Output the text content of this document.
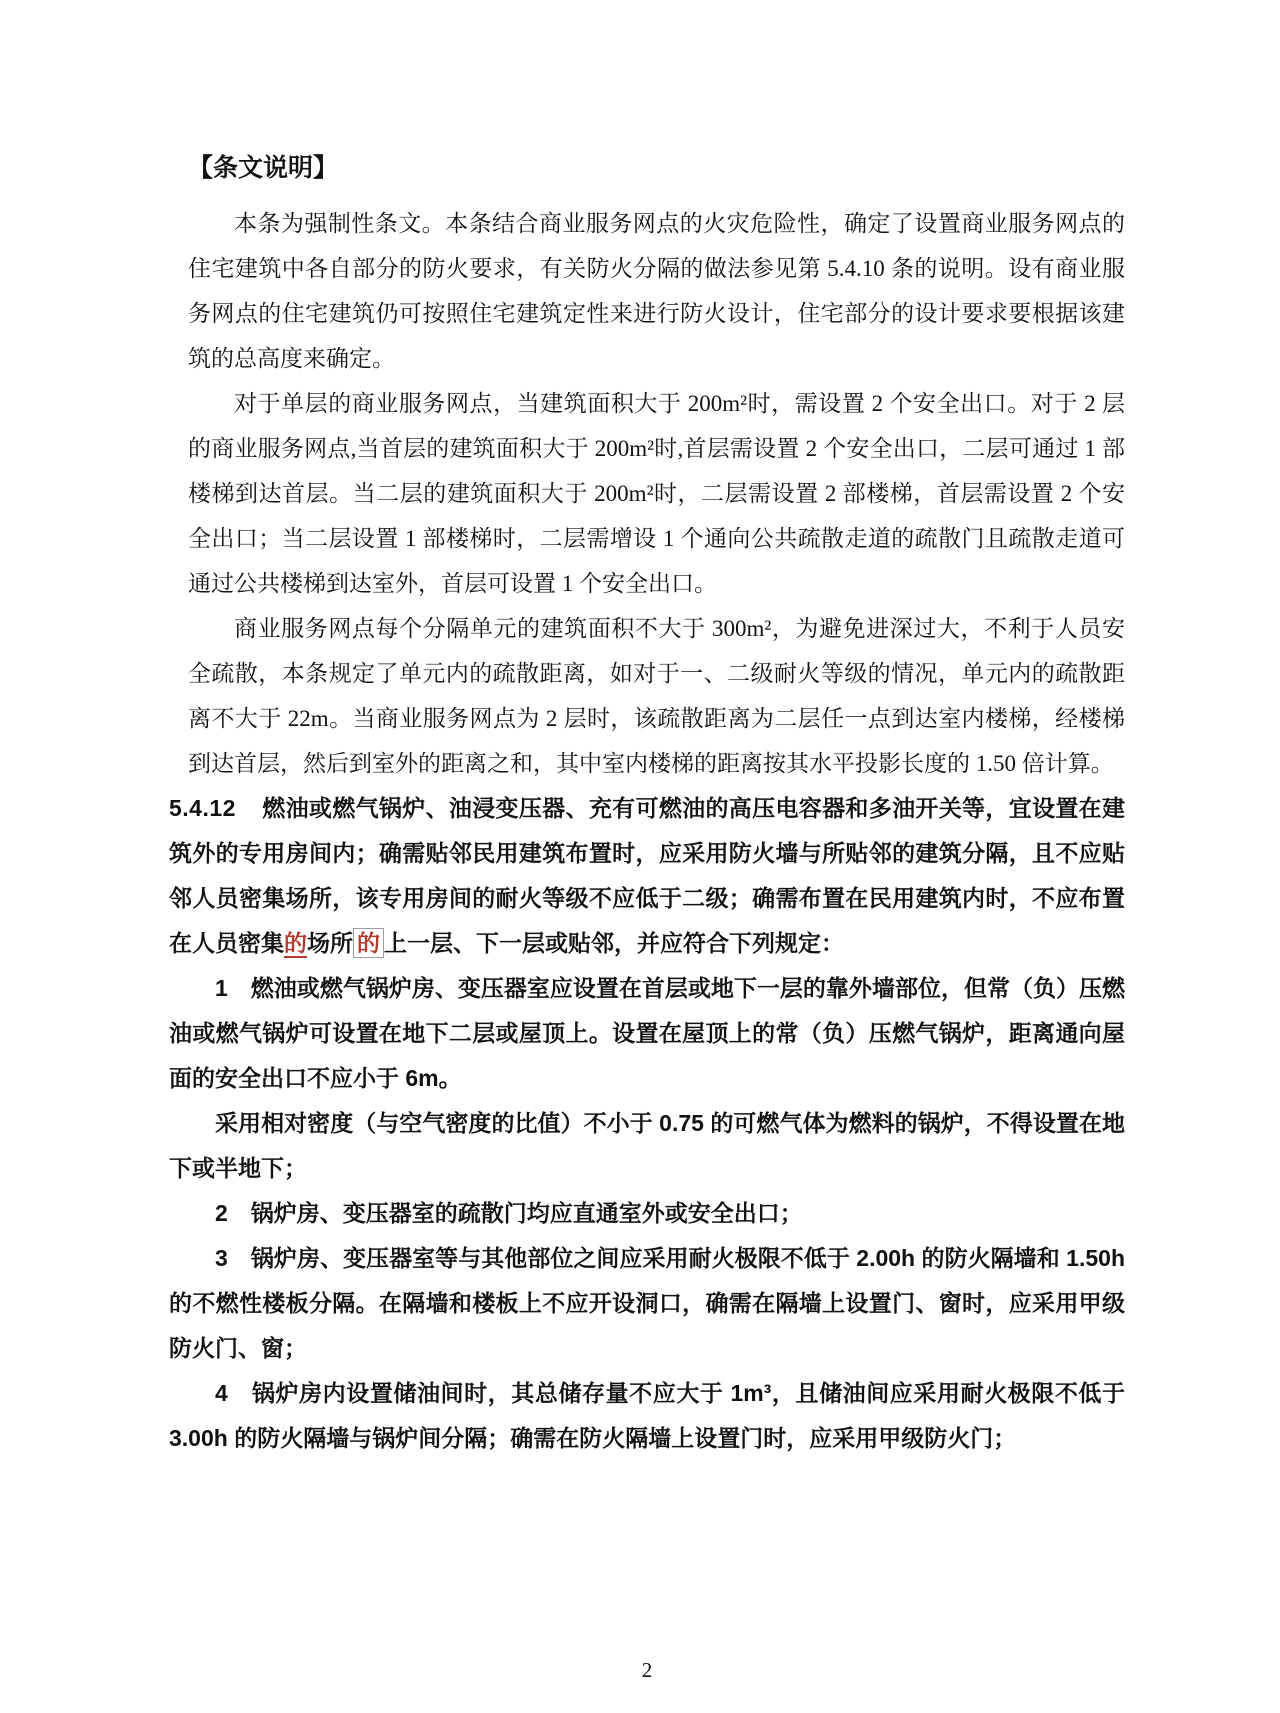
【条文说明】

本条为强制性条文。本条结合商业服务网点的火灾危险性，确定了设置商业服务网点的住宅建筑中各自部分的防火要求，有关防火分隔的做法参见第 5.4.10 条的说明。设有商业服务网点的住宅建筑仍可按照住宅建筑定性来进行防火设计，住宅部分的设计要求要根据该建筑的总高度来确定。

对于单层的商业服务网点，当建筑面积大于 200m²时，需设置 2 个安全出口。对于 2 层的商业服务网点,当首层的建筑面积大于 200m²时,首层需设置 2 个安全出口，二层可通过 1 部楼梯到达首层。当二层的建筑面积大于 200m²时，二层需设置 2 部楼梯，首层需设置 2 个安全出口；当二层设置 1 部楼梯时，二层需增设 1 个通向公共疏散走道的疏散门且疏散走道可通过公共楼梯到达室外，首层可设置 1 个安全出口。

商业服务网点每个分隔单元的建筑面积不大于 300m²，为避免进深过大，不利于人员安全疏散，本条规定了单元内的疏散距离，如对于一、二级耐火等级的情况，单元内的疏散距离不大于 22m。当商业服务网点为 2 层时，该疏散距离为二层任一点到达室内楼梯，经楼梯到达首层，然后到室外的距离之和，其中室内楼梯的距离按其水平投影长度的 1.50 倍计算。

5.4.12 燃油或燃气锅炉、油浸变压器、充有可燃油的高压电容器和多油开关等，宜设置在建筑外的专用房间内；确需贴邻民用建筑布置时，应采用防火墙与所贴邻的建筑分隔，且不应贴邻人员密集场所，该专用房间的耐火等级不应低于二级；确需布置在民用建筑内时，不应布置在人员密集的场所 的 上一层、下一层或贴邻，并应符合下列规定：

1　燃油或燃气锅炉房、变压器室应设置在首层或地下一层的靠外墙部位，但常（负）压燃油或燃气锅炉可设置在地下二层或屋顶上。设置在屋顶上的常（负）压燃气锅炉，距离通向屋面的安全出口不应小于 6m。

采用相对密度（与空气密度的比值）不小于 0.75 的可燃气体为燃料的锅炉，不得设置在地下或半地下；

2　锅炉房、变压器室的疏散门均应直通室外或安全出口；

3　锅炉房、变压器室等与其他部位之间应采用耐火极限不低于 2.00h 的防火隔墙和 1.50h 的不燃性楼板分隔。在隔墙和楼板上不应开设洞口，确需在隔墙上设置门、窗时，应采用甲级防火门、窗；

4　锅炉房内设置储油间时，其总储存量不应大于 1m³，且储油间应采用耐火极限不低于 3.00h 的防火隔墙与锅炉间分隔；确需在防火隔墙上设置门时，应采用甲级防火门；

2
